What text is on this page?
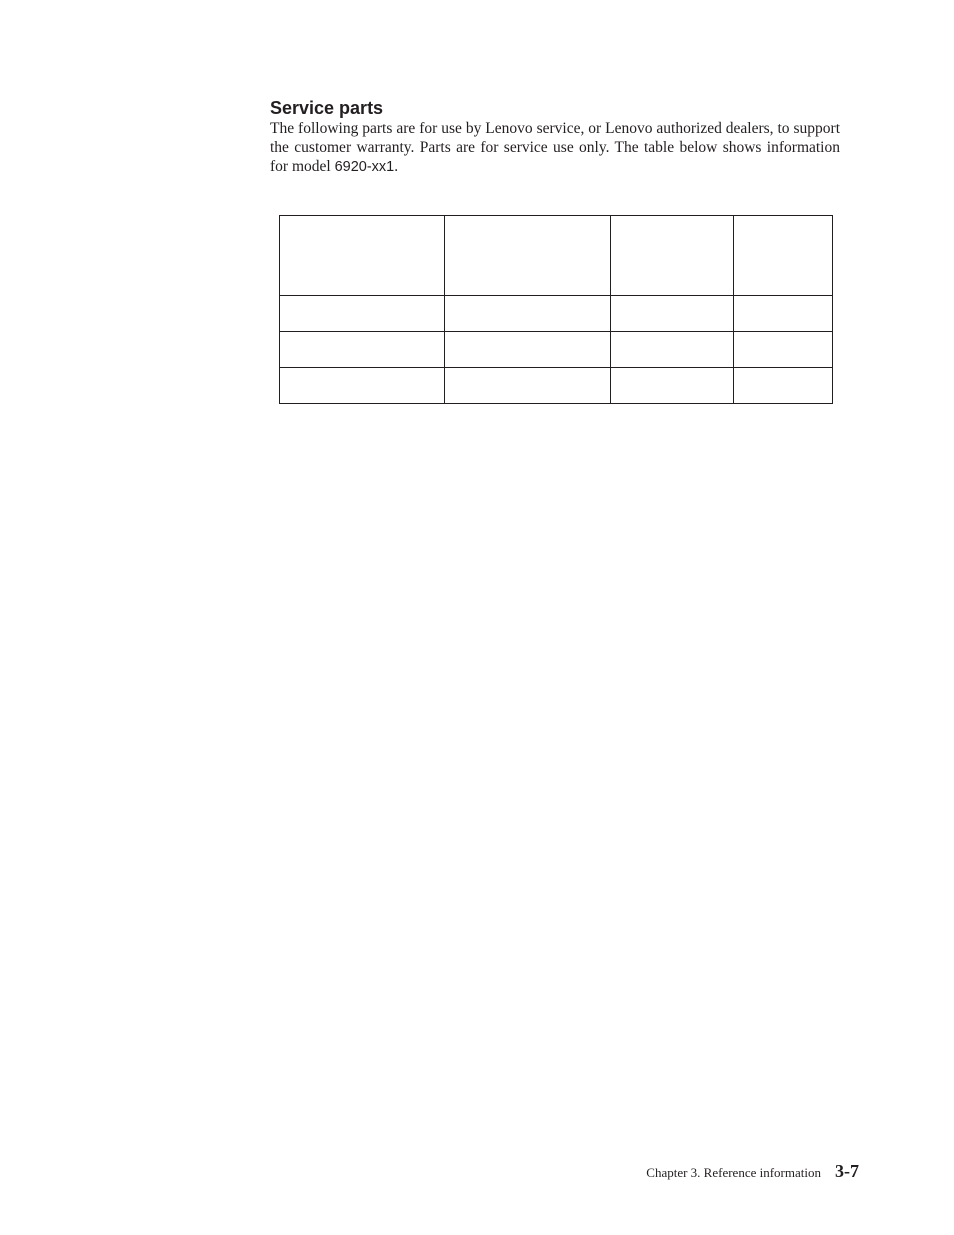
Service parts

The following parts are for use by Lenovo service, or Lenovo authorized dealers, to support the customer warranty. Parts are for service use only. The table below shows information for model 6920-xx1.

Chapter 3. Reference information 3-7
